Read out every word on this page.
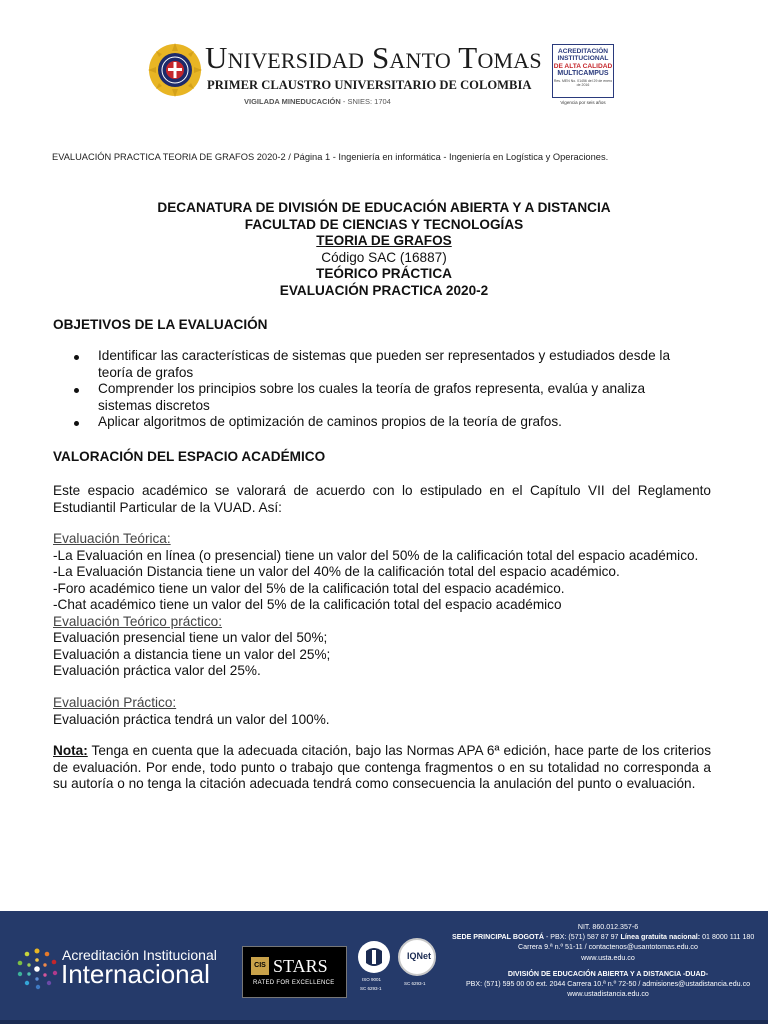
Universidad Santo Tomas
PRIMER CLAUSTRO UNIVERSITARIO DE COLOMBIA
VIGILADA MINEDUCACIÓN - SNIES: 1704
ACREDITACIÓN
INSTITUCIONAL
DE ALTA CALIDAD
MULTICAMPUS
Res. MEN No. 01456 del 29 de enero de 2016
Vigencia por seis años
EVALUACIÓN PRACTICA TEORIA DE GRAFOS 2020-2 / Página 1 - Ingeniería en informática - Ingeniería en Logística y Operaciones.
DECANATURA DE DIVISIÓN DE EDUCACIÓN ABIERTA Y A DISTANCIA
FACULTAD DE CIENCIAS Y TECNOLOGÍAS
TEORIA DE GRAFOS
Código SAC (16887)
TEÓRICO PRÁCTICA
EVALUACIÓN PRACTICA 2020-2
OBJETIVOS DE LA EVALUACIÓN
Identificar las características de sistemas que pueden ser representados y estudiados desde la
teoría de grafos
Comprender los principios sobre los cuales la teoría de grafos representa, evalúa y analiza
sistemas discretos
Aplicar algoritmos de optimización de caminos propios de la teoría de grafos.
VALORACIÓN DEL ESPACIO ACADÉMICO
Este espacio académico se valorará de acuerdo con lo estipulado en el Capítulo VII del Reglamento Estudiantil Particular de la VUAD. Así:
Evaluación Teórica:
-La Evaluación en línea (o presencial) tiene un valor del 50% de la calificación total del espacio académico.
-La Evaluación Distancia tiene un valor del 40% de la calificación total del espacio académico.
-Foro académico tiene un valor del 5% de la calificación total del espacio académico.
-Chat académico tiene un valor del 5% de la calificación total del espacio académico
Evaluación Teórico práctico:
Evaluación presencial tiene un valor del 50%;
Evaluación a distancia tiene un valor del 25%;
Evaluación práctica valor del 25%.
Evaluación Práctico:
Evaluación práctica tendrá un valor del 100%.
Nota: Tenga en cuenta que la adecuada citación, bajo las Normas APA 6ª edición, hace parte de los criterios de evaluación. Por ende, todo punto o trabajo que contenga fragmentos o en su totalidad no corresponda a su autoría o no tenga la citación adecuada tendrá como consecuencia la anulación del punto o evaluación.
Acreditación Institucional
Internacional	CIS STARS
RATED FOR EXCELLENCE
ISO 9001
SC 6293-1
IQNet
SC 6293-1
NIT. 860.012.357-6
SEDE PRINCIPAL BOGOTÁ - PBX: (571) 587 87 97 Línea gratuita nacional: 01 8000 111 180
Carrera 9.ª n.º 51-11 / contactenos@usantotomas.edu.co
www.usta.edu.co
DIVISIÓN DE EDUCACIÓN ABIERTA Y A DISTANCIA -DUAD-
PBX: (571) 595 00 00 ext. 2044 Carrera 10.ª n.º 72-50 / admisiones@ustadistancia.edu.co
www.ustadistancia.edu.co
